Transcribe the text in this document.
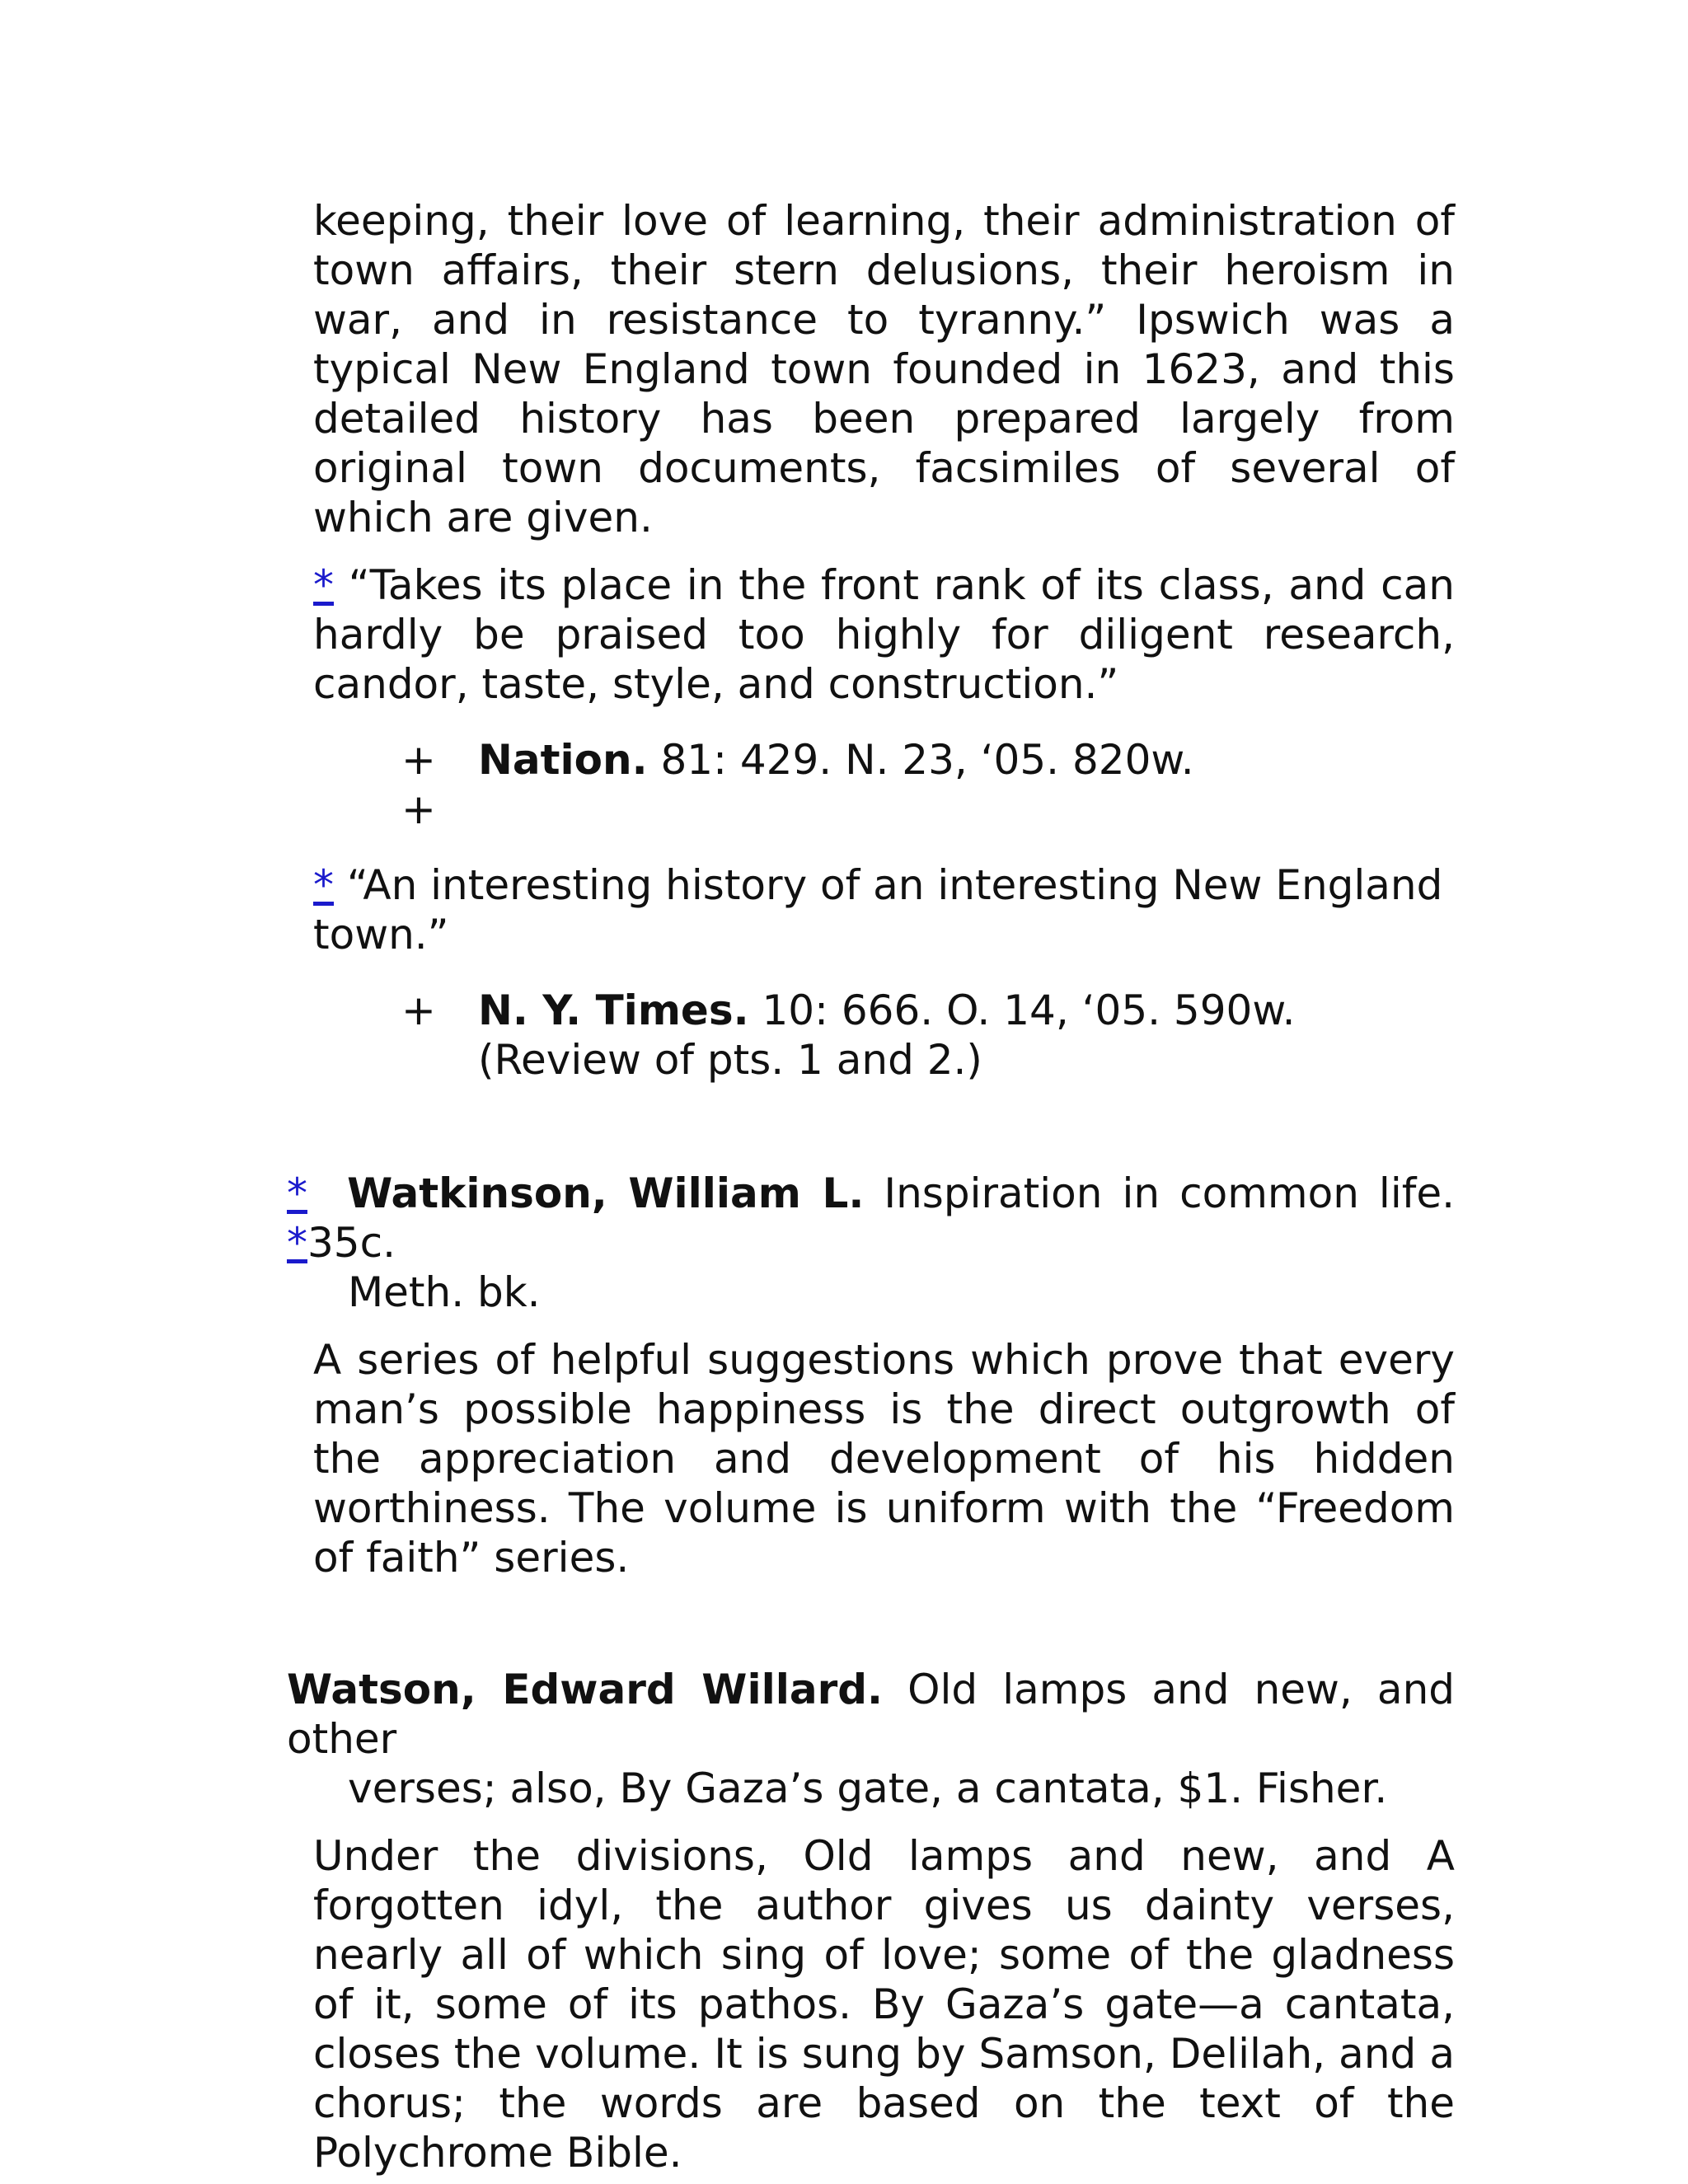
keeping, their love of learning, their administration of town affairs, their stern delusions, their heroism in war, and in resistance to tyranny.” Ipswich was a typical New England town founded in 1623, and this detailed history has been prepared largely from original town documents, facsimiles of several of which are given.

* “Takes its place in the front rank of its class, and can hardly be praised too highly for diligent research, candor, taste, style, and construction.”

+
+
Nation. 81: 429. N. 23, ‘05. 820w.

* “An interesting history of an interesting New England town.”

+	N. Y. Times. 10: 666. O. 14, ‘05. 590w.
(Review of pts. 1 and 2.)

* Watkinson, William L. Inspiration in common life. *35c.
Meth. bk.

A series of helpful suggestions which prove that every man’s possible happiness is the direct outgrowth of the appreciation and development of his hidden worthiness. The volume is uniform with the “Freedom of faith” series.

Watson, Edward Willard. Old lamps and new, and other
verses; also, By Gaza’s gate, a cantata, $1. Fisher.

Under the divisions, Old lamps and new, and A forgotten idyl, the author gives us dainty verses, nearly all of which sing of love; some of the gladness of it, some of its pathos. By Gaza’s gate—a cantata, closes the volume. It is sung by Samson, Delilah, and a chorus; the words are based on the text of the Polychrome Bible.
